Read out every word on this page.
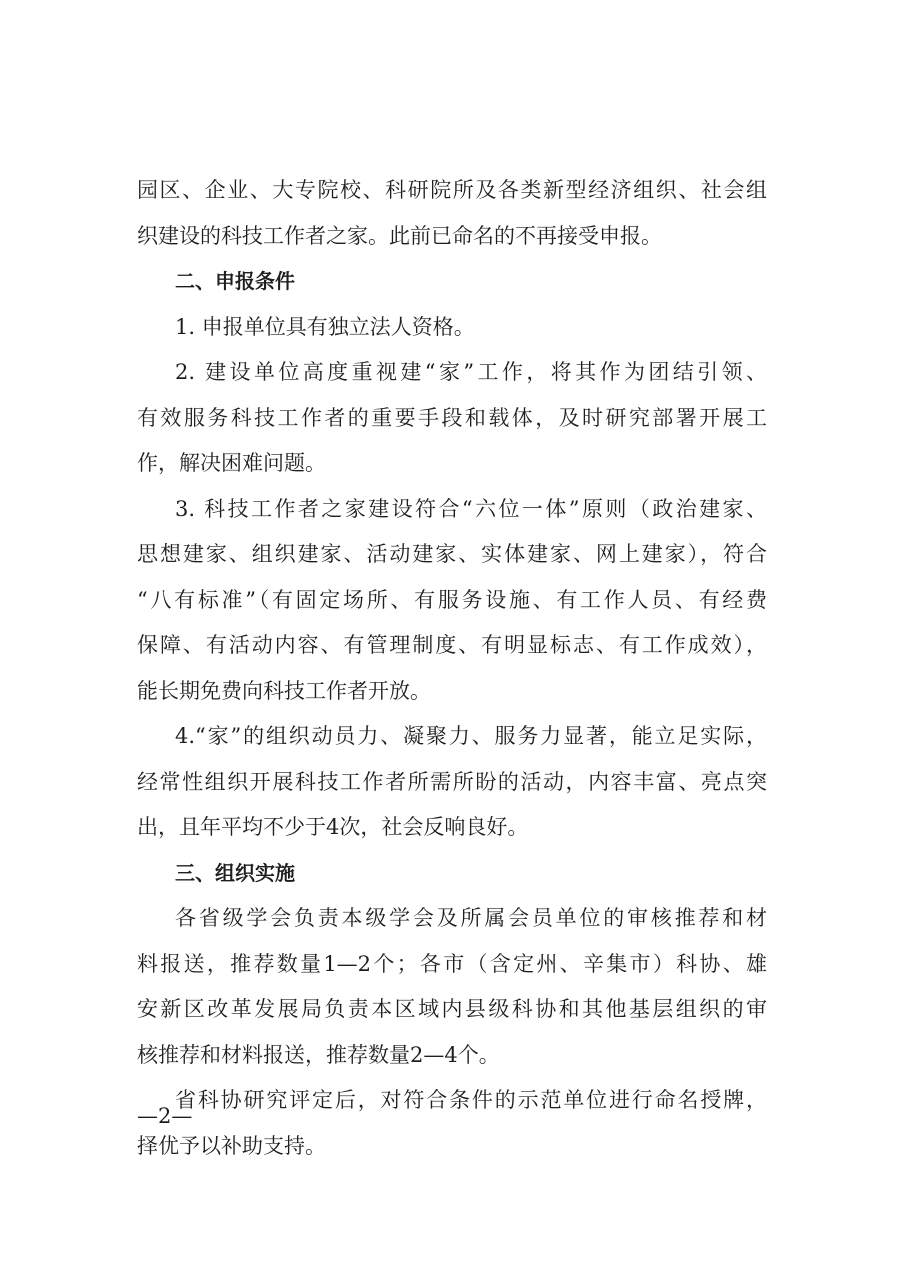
园区、企业、大专院校、科研院所及各类新型经济组织、社会组
织建设的科技工作者之家。此前已命名的不再接受申报。
二、申报条件
1. 申报单位具有独立法人资格。
2. 建设单位高度重视建“家”工作，将其作为团结引领、
有效服务科技工作者的重要手段和载体，及时研究部署开展工
作，解决困难问题。
3. 科技工作者之家建设符合“六位一体”原则（政治建家、
思想建家、组织建家、活动建家、实体建家、网上建家），符合
“八有标准”（有固定场所、有服务设施、有工作人员、有经费
保障、有活动内容、有管理制度、有明显标志、有工作成效），
能长期免费向科技工作者开放。
4.“家”的组织动员力、凝聚力、服务力显著，能立足实际，
经常性组织开展科技工作者所需所盼的活动，内容丰富、亮点突
出，且年平均不少于4次，社会反响良好。
三、组织实施
各省级学会负责本级学会及所属会员单位的审核推荐和材
料报送，推荐数量1—2个；各市（含定州、辛集市）科协、雄
安新区改革发展局负责本区域内县级科协和其他基层组织的审
核推荐和材料报送，推荐数量2—4个。
省科协研究评定后，对符合条件的示范单位进行命名授牌，
择优予以补助支持。
—2—
